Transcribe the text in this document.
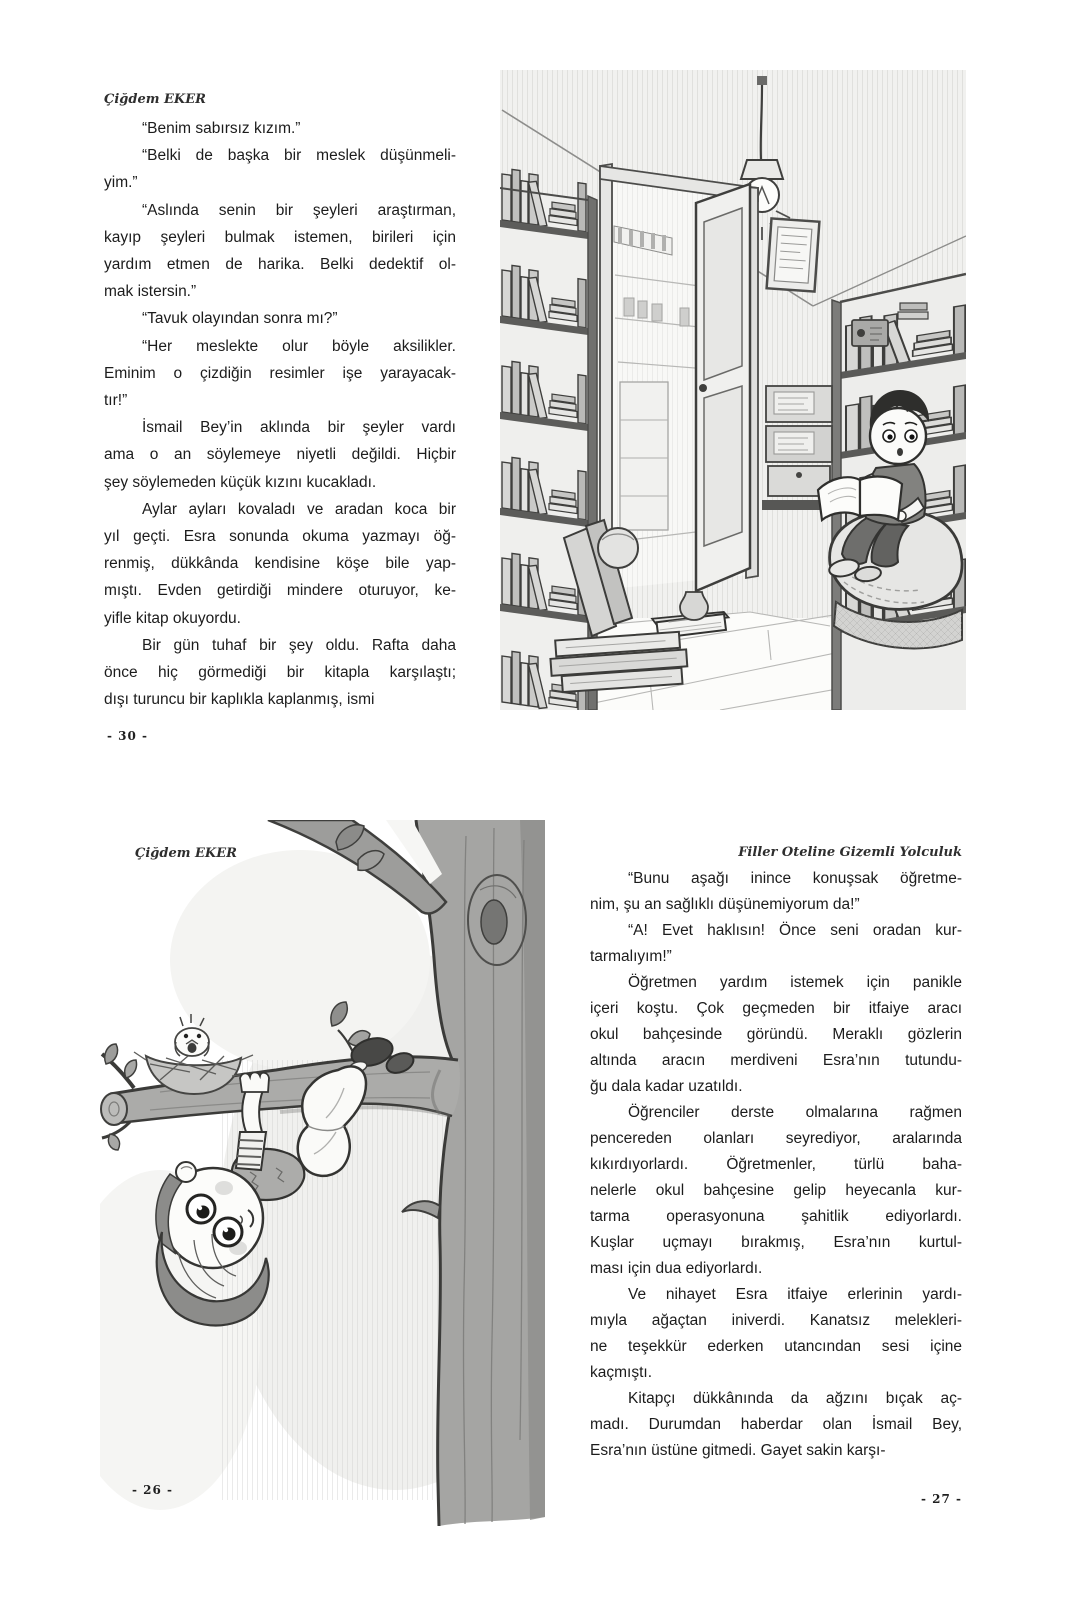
Çiğdem EKER
“Benim sabırsız kızım.”
“Belki de başka bir meslek düşünmeli-
yim.”
“Aslında senin bir şeyleri araştırman,
kayıp şeyleri bulmak istemen, birileri için
yardım etmen de harika. Belki dedektif ol-
mak istersin.”
“Tavuk olayından sonra mı?”
“Her meslekte olur böyle aksilikler.
Eminim o çizdiğin resimler işe yarayacak-
tır!”
İsmail Bey’in aklında bir şeyler vardı
ama o an söylemeye niyetli değildi. Hiçbir
şey söylemeden küçük kızını kucakladı.
Aylar ayları kovaladı ve aradan koca bir
yıl geçti. Esra sonunda okuma yazmayı öğ-
renmiş, dükkânda kendisine köşe bile yap-
mıştı. Evden getirdiği mindere oturuyor, ke-
yifle kitap okuyordu.
Bir gün tuhaf bir şey oldu. Rafta daha
önce hiç görmediği bir kitapla karşılaştı;
dışı turuncu bir kaplıkla kaplanmış, ismi
- 30 -
Çiğdem EKER
- 26 -
Filler Oteline Gizemli Yolculuk
“Bunu aşağı inince konuşsak öğretme-
nim, şu an sağlıklı düşünemiyorum da!”
“A! Evet haklısın! Önce seni oradan kur-
tarmalıyım!”
Öğretmen yardım istemek için panikle
içeri koştu. Çok geçmeden bir itfaiye aracı
okul bahçesinde göründü. Meraklı gözlerin
altında aracın merdiveni Esra’nın tutundu-
ğu dala kadar uzatıldı.
Öğrenciler derste olmalarına rağmen
pencereden olanları seyrediyor, aralarında
kıkırdıyorlardı. Öğretmenler, türlü baha-
nelerle okul bahçesine gelip heyecanla kur-
tarma operasyonuna şahitlik ediyorlardı.
Kuşlar uçmayı bırakmış, Esra’nın kurtul-
ması için dua ediyorlardı.
Ve nihayet Esra itfaiye erlerinin yardı-
mıyla ağaçtan iniverdi. Kanatsız melekleri-
ne teşekkür ederken utancından sesi içine
kaçmıştı.
Kitapçı dükkânında da ağzını bıçak aç-
madı. Durumdan haberdar olan İsmail Bey,
Esra’nın üstüne gitmedi. Gayet sakin karşı-
- 27 -
